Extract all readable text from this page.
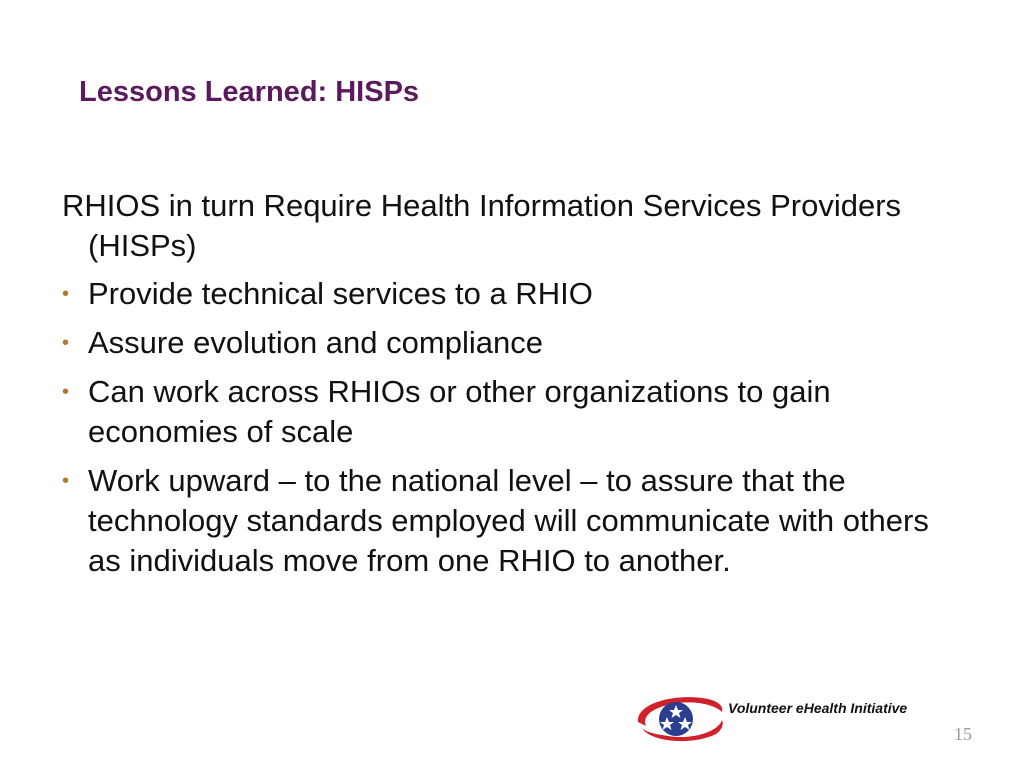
Lessons Learned: HISPs
RHIOS in turn Require Health Information Services Providers (HISPs)
• Provide technical services to a RHIO
• Assure evolution and compliance
• Can work across RHIOs or other organizations to gain economies of scale
• Work upward – to the national level – to assure that the technology standards employed will communicate with others as individuals move from one RHIO to another.
Volunteer eHealth Initiative
15
